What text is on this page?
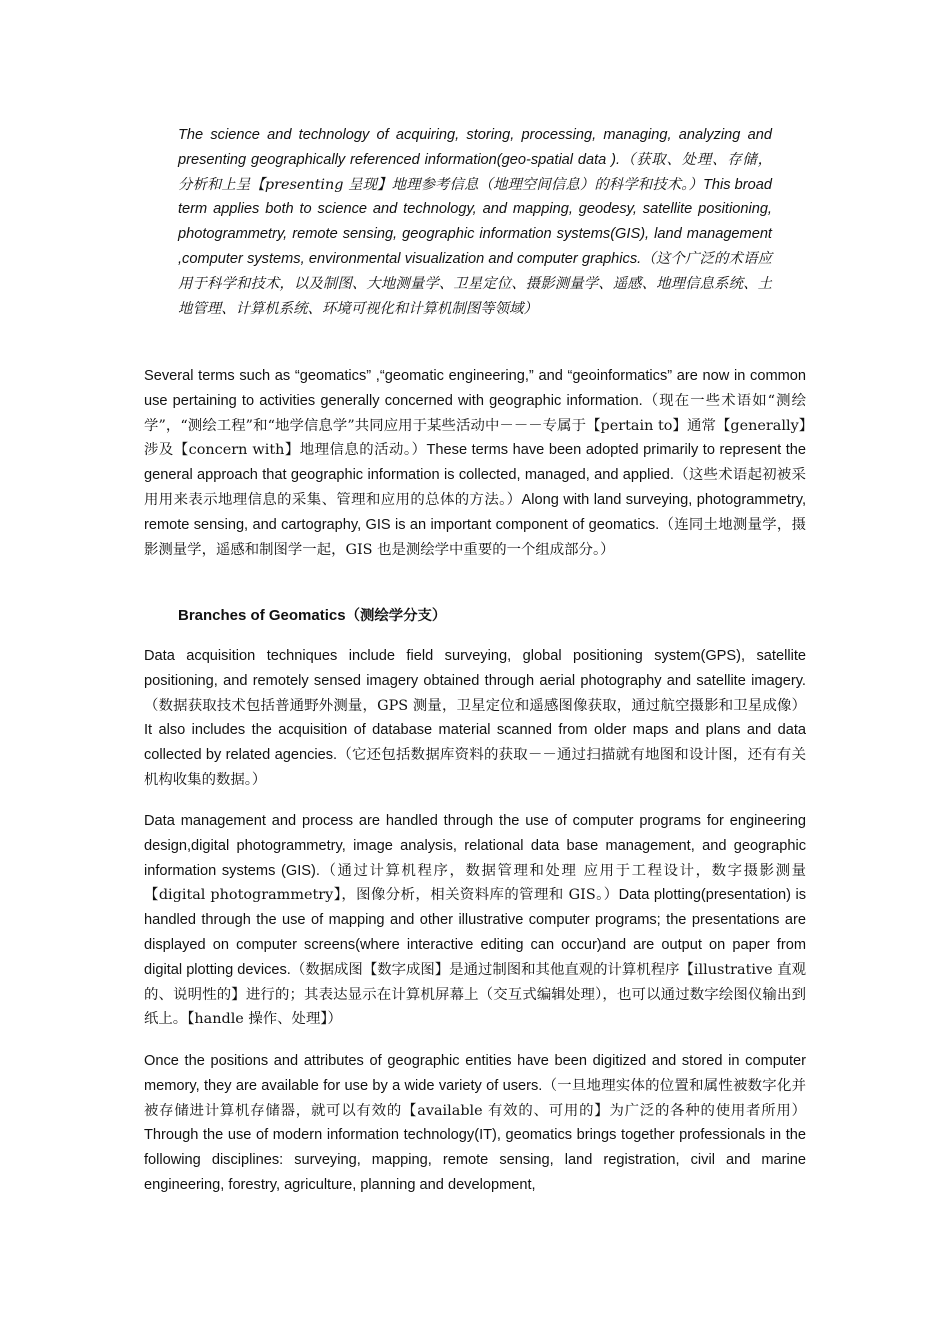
The science and technology of acquiring, storing, processing, managing, analyzing and presenting geographically referenced information(geo-spatial data ).（获取、处理、存储，分析和上呈【presenting 呈现】地理参考信息（地理空间信息）的科学和技术。）This broad term applies both to science and technology, and mapping, geodesy, satellite positioning, photogrammetry, remote sensing, geographic information systems(GIS), land management ,computer systems, environmental visualization and computer graphics.（这个广泛的术语应用于科学和技术，以及制图、大地测量学、卫星定位、摄影测量学、遥感、地理信息系统、土地管理、计算机系统、环境可视化和计算机制图等领域）

Several terms such as “geomatics” ,“geomatic engineering,” and “geoinformatics” are now in common use pertaining to activities generally concerned with geographic information.（现在一些术语如“测绘学”，“测绘工程”和“地学信息学”共同应用于某些活动中－－－专属于【pertain to】通常【generally】涉及【concern with】地理信息的活动。）These terms have been adopted primarily to represent the general approach that geographic information is collected, managed, and applied.（这些术语起初被采用用来表示地理信息的采集、管理和应用的总体的方法。）Along with land surveying, photogrammetry, remote sensing, and cartography, GIS is an important component of geomatics.（连同土地测量学，摄影测量学，遥感和制图学一起，GIS 也是测绘学中重要的一个组成部分。）

Branches of Geomatics（测绘学分支）

Data acquisition techniques include field surveying, global positioning system(GPS), satellite positioning, and remotely sensed imagery obtained through aerial photography and satellite imagery.（数据获取技术包括普通野外测量，GPS 测量，卫星定位和遥感图像获取，通过航空摄影和卫星成像）It also includes the acquisition of database material scanned from older maps and plans and data collected by related agencies.（它还包括数据库资料的获取－－通过扫描就有地图和设计图，还有有关机构收集的数据。）

Data management and process are handled through the use of computer programs for engineering design,digital photogrammetry, image analysis, relational data base management, and geographic information systems (GIS).（通过计算机程序，数据管理和处理 应用于工程设计，数字摄影测量【digital photogrammetry】，图像分析，相关资料库的管理和 GIS。）Data plotting(presentation) is handled through the use of mapping and other illustrative computer programs; the presentations are displayed on computer screens(where interactive editing can occur)and are output on paper from digital plotting devices.（数据成图【数字成图】是通过制图和其他直观的计算机程序【illustrative 直观的、说明性的】进行的；其表达显示在计算机屏幕上（交互式编辑处理），也可以通过数字绘图仪输出到纸上。【handle 操作、处理】）

Once the positions and attributes of geographic entities have been digitized and stored in computer memory, they are available for use by a wide variety of users.（一旦地理实体的位置和属性被数字化并被存储进计算机存储器，就可以有效的【available 有效的、可用的】为广泛的各种的使用者所用）Through the use of modern information technology(IT), geomatics brings together professionals in the following disciplines: surveying, mapping, remote sensing, land registration, civil and marine engineering, forestry, agriculture, planning and development,
